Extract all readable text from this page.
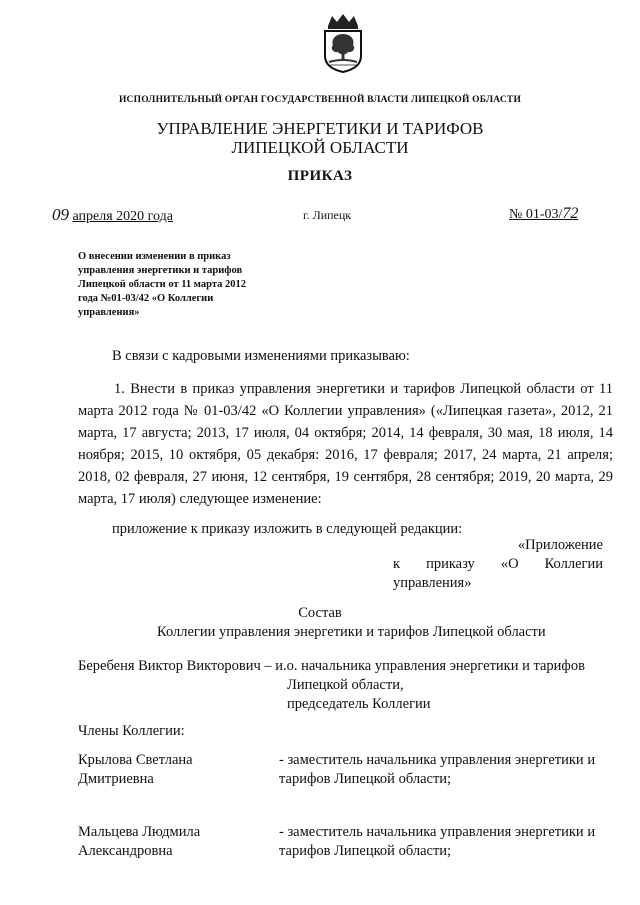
ИСПОЛНИТЕЛЬНЫЙ ОРГАН ГОСУДАРСТВЕННОЙ ВЛАСТИ ЛИПЕЦКОЙ ОБЛАСТИ
УПРАВЛЕНИЕ ЭНЕРГЕТИКИ И ТАРИФОВ
ЛИПЕЦКОЙ ОБЛАСТИ
ПРИКАЗ
09 апреля 2020 года	г. Липецк	№ 01-03/72
О внесении изменении в приказ
управления энергетики и тарифов
Липецкой области от 11 марта 2012
года №01-03/42 «О Коллегии
управления»
В связи с кадровыми изменениями приказываю:
1. Внести в приказ управления энергетики и тарифов Липецкой области от 11 марта 2012 года № 01-03/42 «О Коллегии управления» («Липецкая газета», 2012, 21 марта, 17 августа; 2013, 17 июля, 04 октября; 2014, 14 февраля, 30 мая, 18 июля, 14 ноября; 2015, 10 октября, 05 декабря: 2016, 17 февраля; 2017, 24 марта, 21 апреля; 2018, 02 февраля, 27 июня, 12 сентября, 19 сентября, 28 сентября; 2019, 20 марта, 29 марта, 17 июля) следующее изменение:
приложение к приказу изложить в следующей редакции:
«Приложение
к приказу «О Коллегии
управления»
Состав
Коллегии управления энергетики и тарифов Липецкой области
Беребеня Виктор Викторович – и.о. начальника управления энергетики и тарифов
Липецкой области,
председатель Коллегии
Члены Коллегии:
Крылова Светлана
Дмитриевна
- заместитель начальника управления энергетики и
тарифов Липецкой области;
Мальцева Людмила
Александровна
- заместитель начальника управления энергетики и
тарифов Липецкой области;
